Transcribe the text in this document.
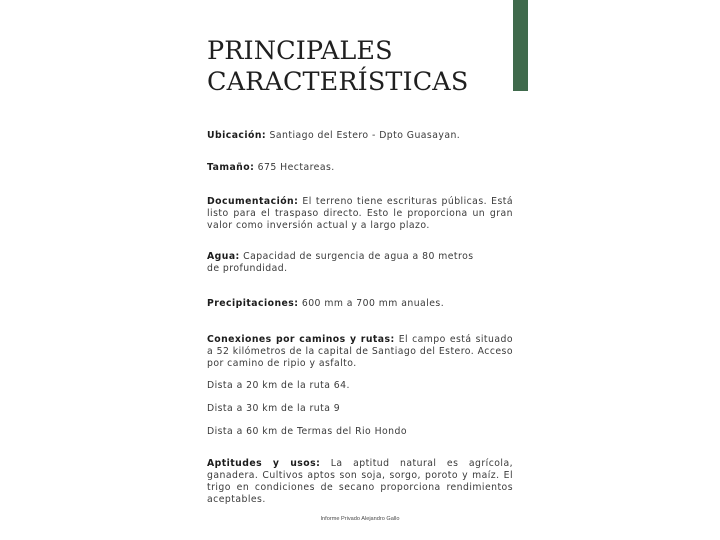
PRINCIPALES
CARACTERÍSTICAS

Ubicación: Santiago del Estero - Dpto Guasayan.

Tamaño: 675 Hectareas.

Documentación: El terreno tiene escrituras públicas. Está listo para el traspaso directo. Esto le proporciona un gran valor como inversión actual y a largo plazo.

Agua: Capacidad de surgencia de agua a 80 metros
de profundidad.

Precipitaciones: 600 mm a 700 mm anuales.

Conexiones por caminos y rutas: El campo está situado a 52 kilómetros de la capital de Santiago del Estero. Acceso por camino de ripio y asfalto.

Dista a 20 km de la ruta 64.

Dista a 30 km de la ruta 9

Dista a 60 km de Termas del Rio Hondo

Aptitudes y usos: La aptitud natural es agrícola, ganadera. Cultivos aptos son soja, sorgo, poroto y maíz. El trigo en condiciones de secano proporciona rendimientos aceptables.

Informe Privado Alejandro Gallo
